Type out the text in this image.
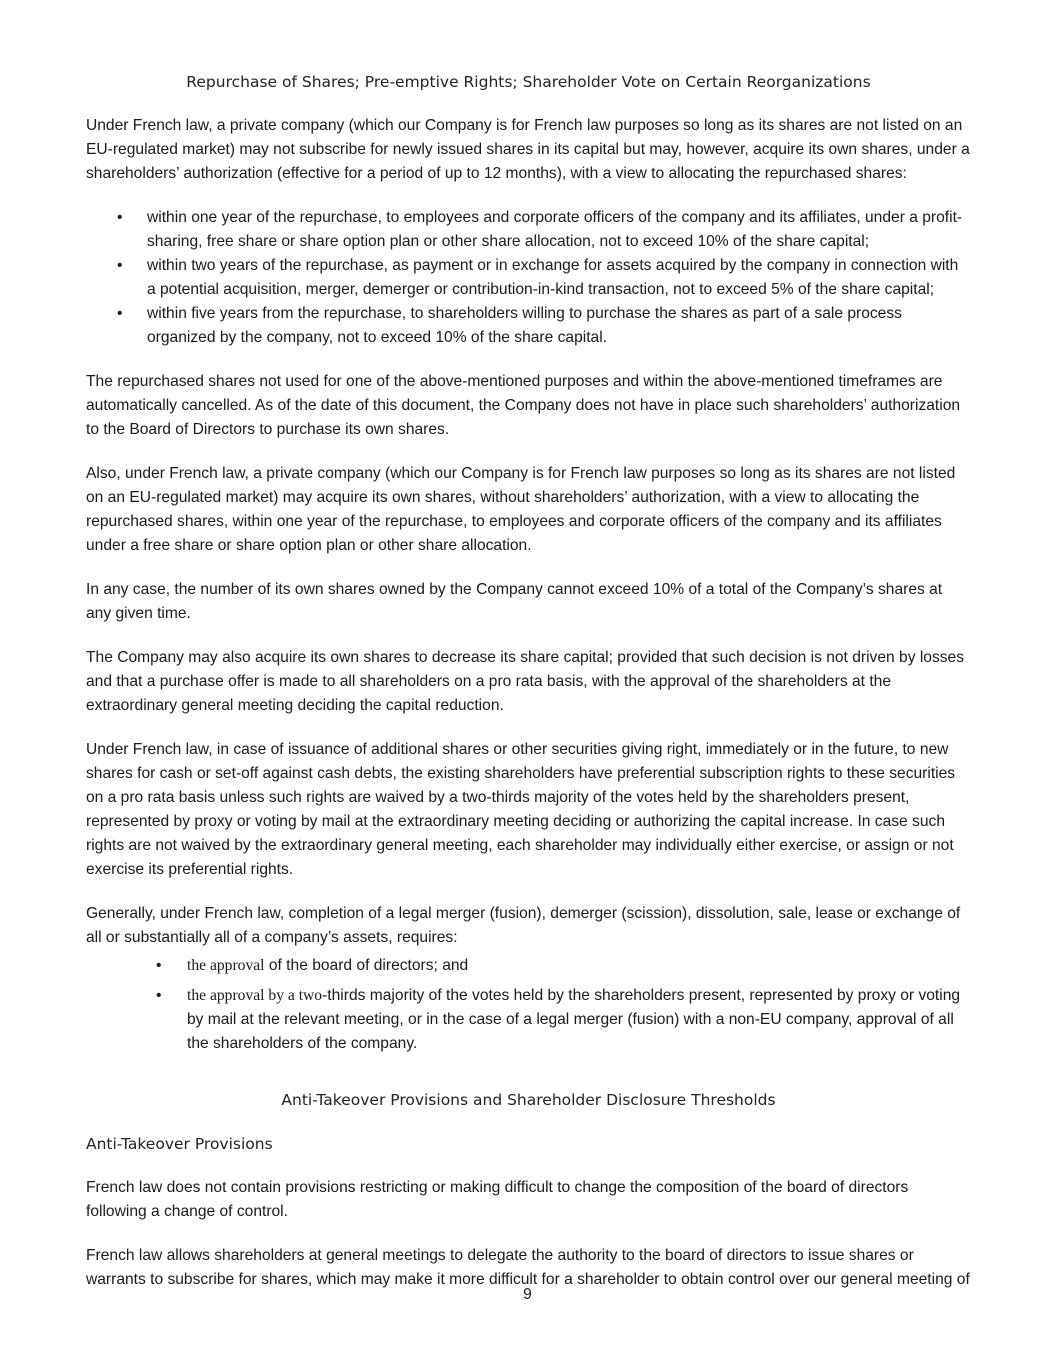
Repurchase of Shares; Pre-emptive Rights; Shareholder Vote on Certain Reorganizations

Under French law, a private company (which our Company is for French law purposes so long as its shares are not listed on an EU-regulated market) may not subscribe for newly issued shares in its capital but may, however, acquire its own shares, under a shareholders’ authorization (effective for a period of up to 12 months), with a view to allocating the repurchased shares:

• within one year of the repurchase, to employees and corporate officers of the company and its affiliates, under a profit-sharing, free share or share option plan or other share allocation, not to exceed 10% of the share capital;
• within two years of the repurchase, as payment or in exchange for assets acquired by the company in connection with a potential acquisition, merger, demerger or contribution-in-kind transaction, not to exceed 5% of the share capital;
• within five years from the repurchase, to shareholders willing to purchase the shares as part of a sale process organized by the company, not to exceed 10% of the share capital.

The repurchased shares not used for one of the above-mentioned purposes and within the above-mentioned timeframes are automatically cancelled. As of the date of this document, the Company does not have in place such shareholders’ authorization to the Board of Directors to purchase its own shares.

Also, under French law, a private company (which our Company is for French law purposes so long as its shares are not listed on an EU-regulated market) may acquire its own shares, without shareholders’ authorization, with a view to allocating the repurchased shares, within one year of the repurchase, to employees and corporate officers of the company and its affiliates under a free share or share option plan or other share allocation.

In any case, the number of its own shares owned by the Company cannot exceed 10% of a total of the Company’s shares at any given time.

The Company may also acquire its own shares to decrease its share capital; provided that such decision is not driven by losses and that a purchase offer is made to all shareholders on a pro rata basis, with the approval of the shareholders at the extraordinary general meeting deciding the capital reduction.

Under French law, in case of issuance of additional shares or other securities giving right, immediately or in the future, to new shares for cash or set-off against cash debts, the existing shareholders have preferential subscription rights to these securities on a pro rata basis unless such rights are waived by a two-thirds majority of the votes held by the shareholders present, represented by proxy or voting by mail at the extraordinary meeting deciding or authorizing the capital increase. In case such rights are not waived by the extraordinary general meeting, each shareholder may individually either exercise, or assign or not exercise its preferential rights.

Generally, under French law, completion of a legal merger (fusion), demerger (scission), dissolution, sale, lease or exchange of all or substantially all of a company’s assets, requires:

• the approval of the board of directors; and
• the approval by a two-thirds majority of the votes held by the shareholders present, represented by proxy or voting by mail at the relevant meeting, or in the case of a legal merger (fusion) with a non-EU company, approval of all the shareholders of the company.
Anti-Takeover Provisions and Shareholder Disclosure Thresholds
Anti-Takeover Provisions

French law does not contain provisions restricting or making difficult to change the composition of the board of directors following a change of control.

French law allows shareholders at general meetings to delegate the authority to the board of directors to issue shares or warrants to subscribe for shares, which may make it more difficult for a shareholder to obtain control over our general meeting of

9
